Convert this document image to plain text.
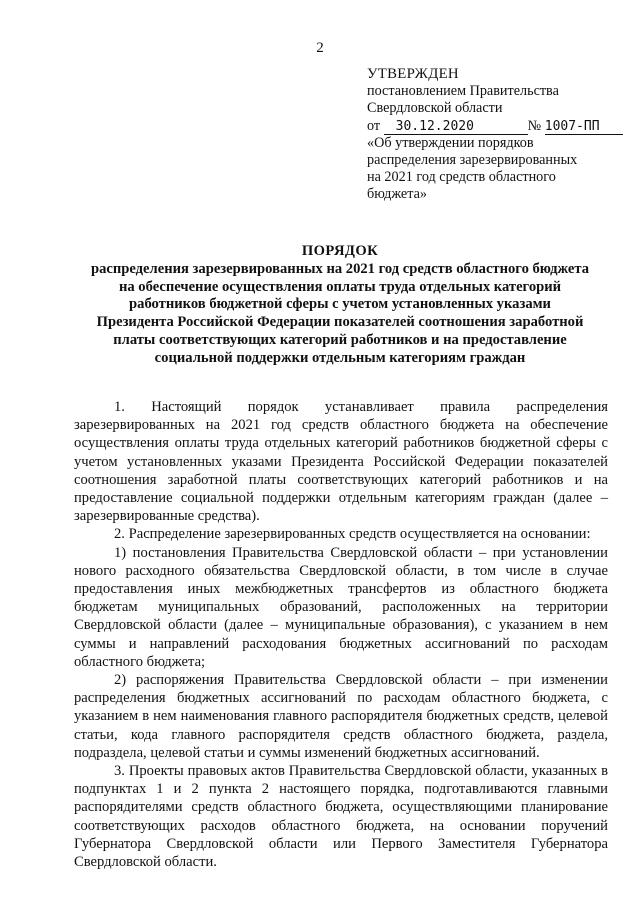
2
УТВЕРЖДЕН
постановлением Правительства
Свердловской области
от 30.12.2020	№ 1007-ПП
«Об утверждении порядков
распределения зарезервированных
на 2021 год средств областного
бюджета»
ПОРЯДОК
распределения зарезервированных на 2021 год средств областного бюджета
на обеспечение осуществления оплаты труда отдельных категорий
работников бюджетной сферы с учетом установленных указами
Президента Российской Федерации показателей соотношения заработной
платы соответствующих категорий работников и на предоставление
социальной поддержки отдельным категориям граждан

1. Настоящий порядок устанавливает правила распределения зарезервированных на 2021 год средств областного бюджета на обеспечение осуществления оплаты труда отдельных категорий работников бюджетной сферы с учетом установленных указами Президента Российской Федерации показателей соотношения заработной платы соответствующих категорий работников и на предоставление социальной поддержки отдельным категориям граждан (далее – зарезервированные средства).

2. Распределение зарезервированных средств осуществляется на основании:

1) постановления Правительства Свердловской области – при установлении нового расходного обязательства Свердловской области, в том числе в случае предоставления иных межбюджетных трансфертов из областного бюджета бюджетам муниципальных образований, расположенных на территории Свердловской области (далее – муниципальные образования), с указанием в нем суммы и направлений расходования бюджетных ассигнований по расходам областного бюджета;

2) распоряжения Правительства Свердловской области – при изменении распределения бюджетных ассигнований по расходам областного бюджета, с указанием в нем наименования главного распорядителя бюджетных средств, целевой статьи, кода главного распорядителя средств областного бюджета, раздела, подраздела, целевой статьи и суммы изменений бюджетных ассигнований.

3. Проекты правовых актов Правительства Свердловской области, указанных в подпунктах 1 и 2 пункта 2 настоящего порядка, подготавливаются главными распорядителями средств областного бюджета, осуществляющими планирование соответствующих расходов областного бюджета, на основании поручений Губернатора Свердловской области или Первого Заместителя Губернатора Свердловской области.
